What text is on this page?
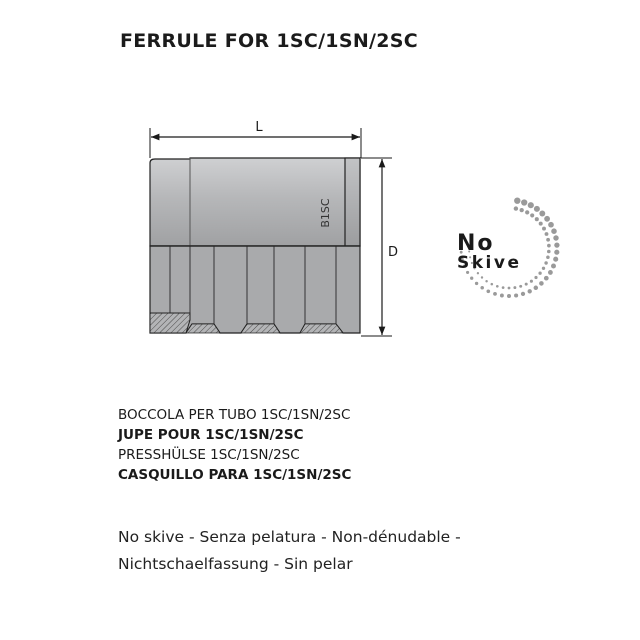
FERRULE FOR 1SC/1SN/2SC
L
D
B1SC
No
Skive
BOCCOLA PER TUBO 1SC/1SN/2SC
JUPE POUR 1SC/1SN/2SC
PRESSHÜLSE 1SC/1SN/2SC
CASQUILLO PARA 1SC/1SN/2SC
No skive - Senza pelatura - Non-dénudable -
Nichtschaelfassung - Sin pelar
